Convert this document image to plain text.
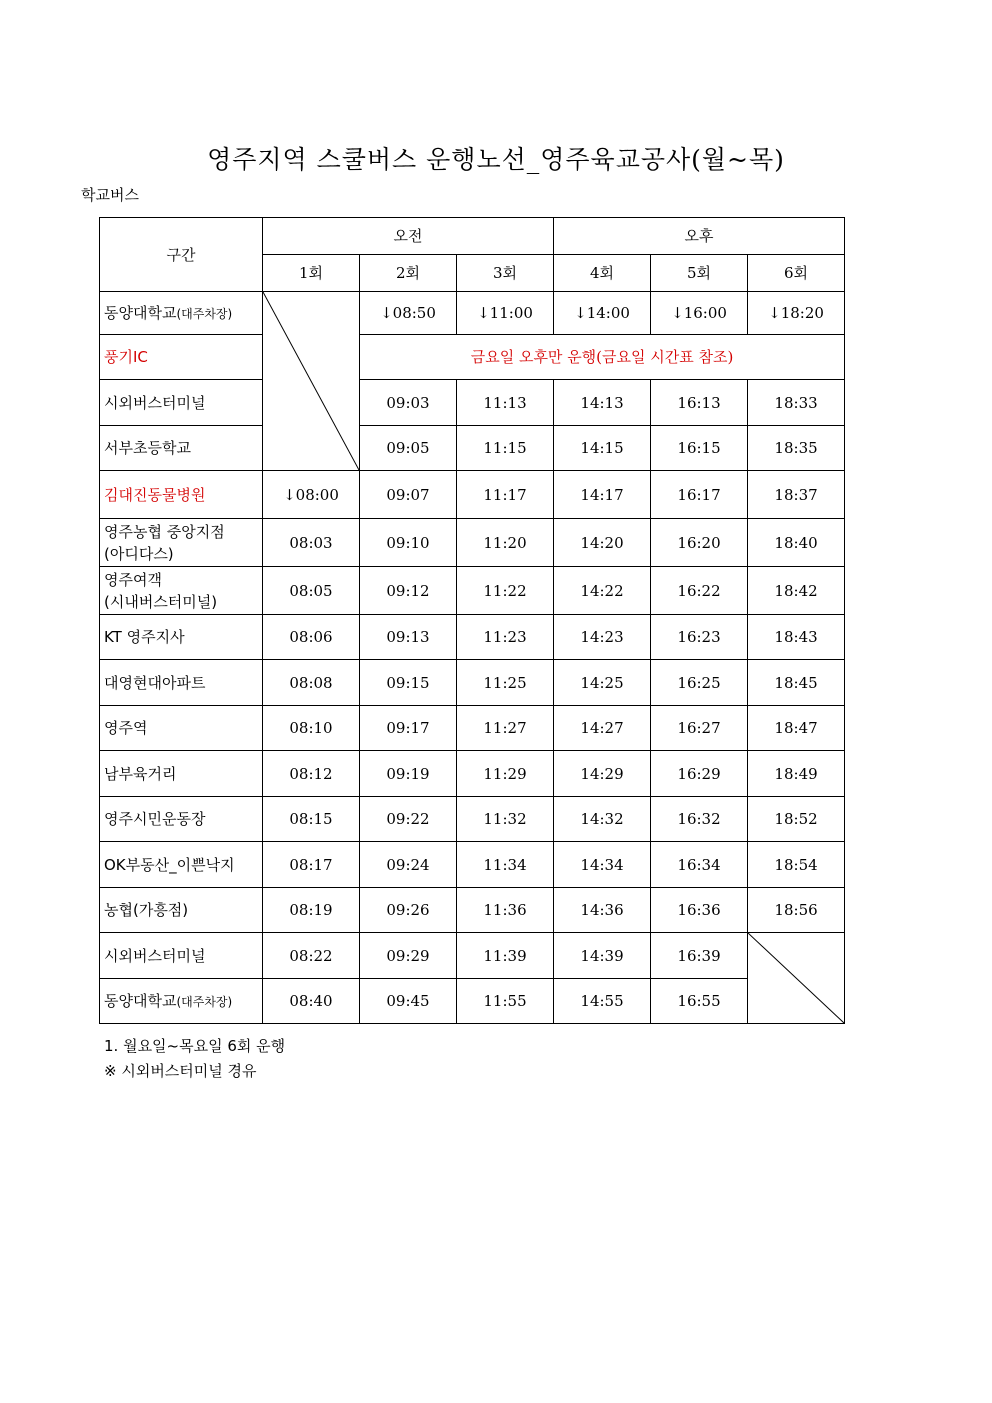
영주지역 스쿨버스 운행노선_영주육교공사(월~목)
학교버스
구간	오전			오후		
	1회	2회	3회	4회	5회	6회
동양대학교(대주차장)		↓08:50	↓11:00	↓14:00	↓16:00	↓18:20
풍기IC		금요일 오후만 운행(금요일 시간표 참조)				
시외버스터미널		09:03	11:13	14:13	16:13	18:33
서부초등학교		09:05	11:15	14:15	16:15	18:35
김대진동물병원	↓08:00	09:07	11:17	14:17	16:17	18:37

영주농협 중앙지점
(아디다스)	08:03	09:10	11:20	14:20	16:20	18:40

영주여객
(시내버스터미널)	08:05	09:12	11:22	14:22	16:22	18:42
KT 영주지사	08:06	09:13	11:23	14:23	16:23	18:43
대영현대아파트	08:08	09:15	11:25	14:25	16:25	18:45
영주역	08:10	09:17	11:27	14:27	16:27	18:47
남부육거리	08:12	09:19	11:29	14:29	16:29	18:49
영주시민운동장	08:15	09:22	11:32	14:32	16:32	18:52
OK부동산_이쁜낙지	08:17	09:24	11:34	14:34	16:34	18:54
농협(가흥점)	08:19	09:26	11:36	14:36	16:36	18:56
시외버스터미널	08:22	09:29	11:39	14:39	16:39	

동양대학교(대주차장)	08:40	09:45	11:55	14:55	16:55	
1. 월요일~목요일 6회 운행
※ 시외버스터미널 경유
